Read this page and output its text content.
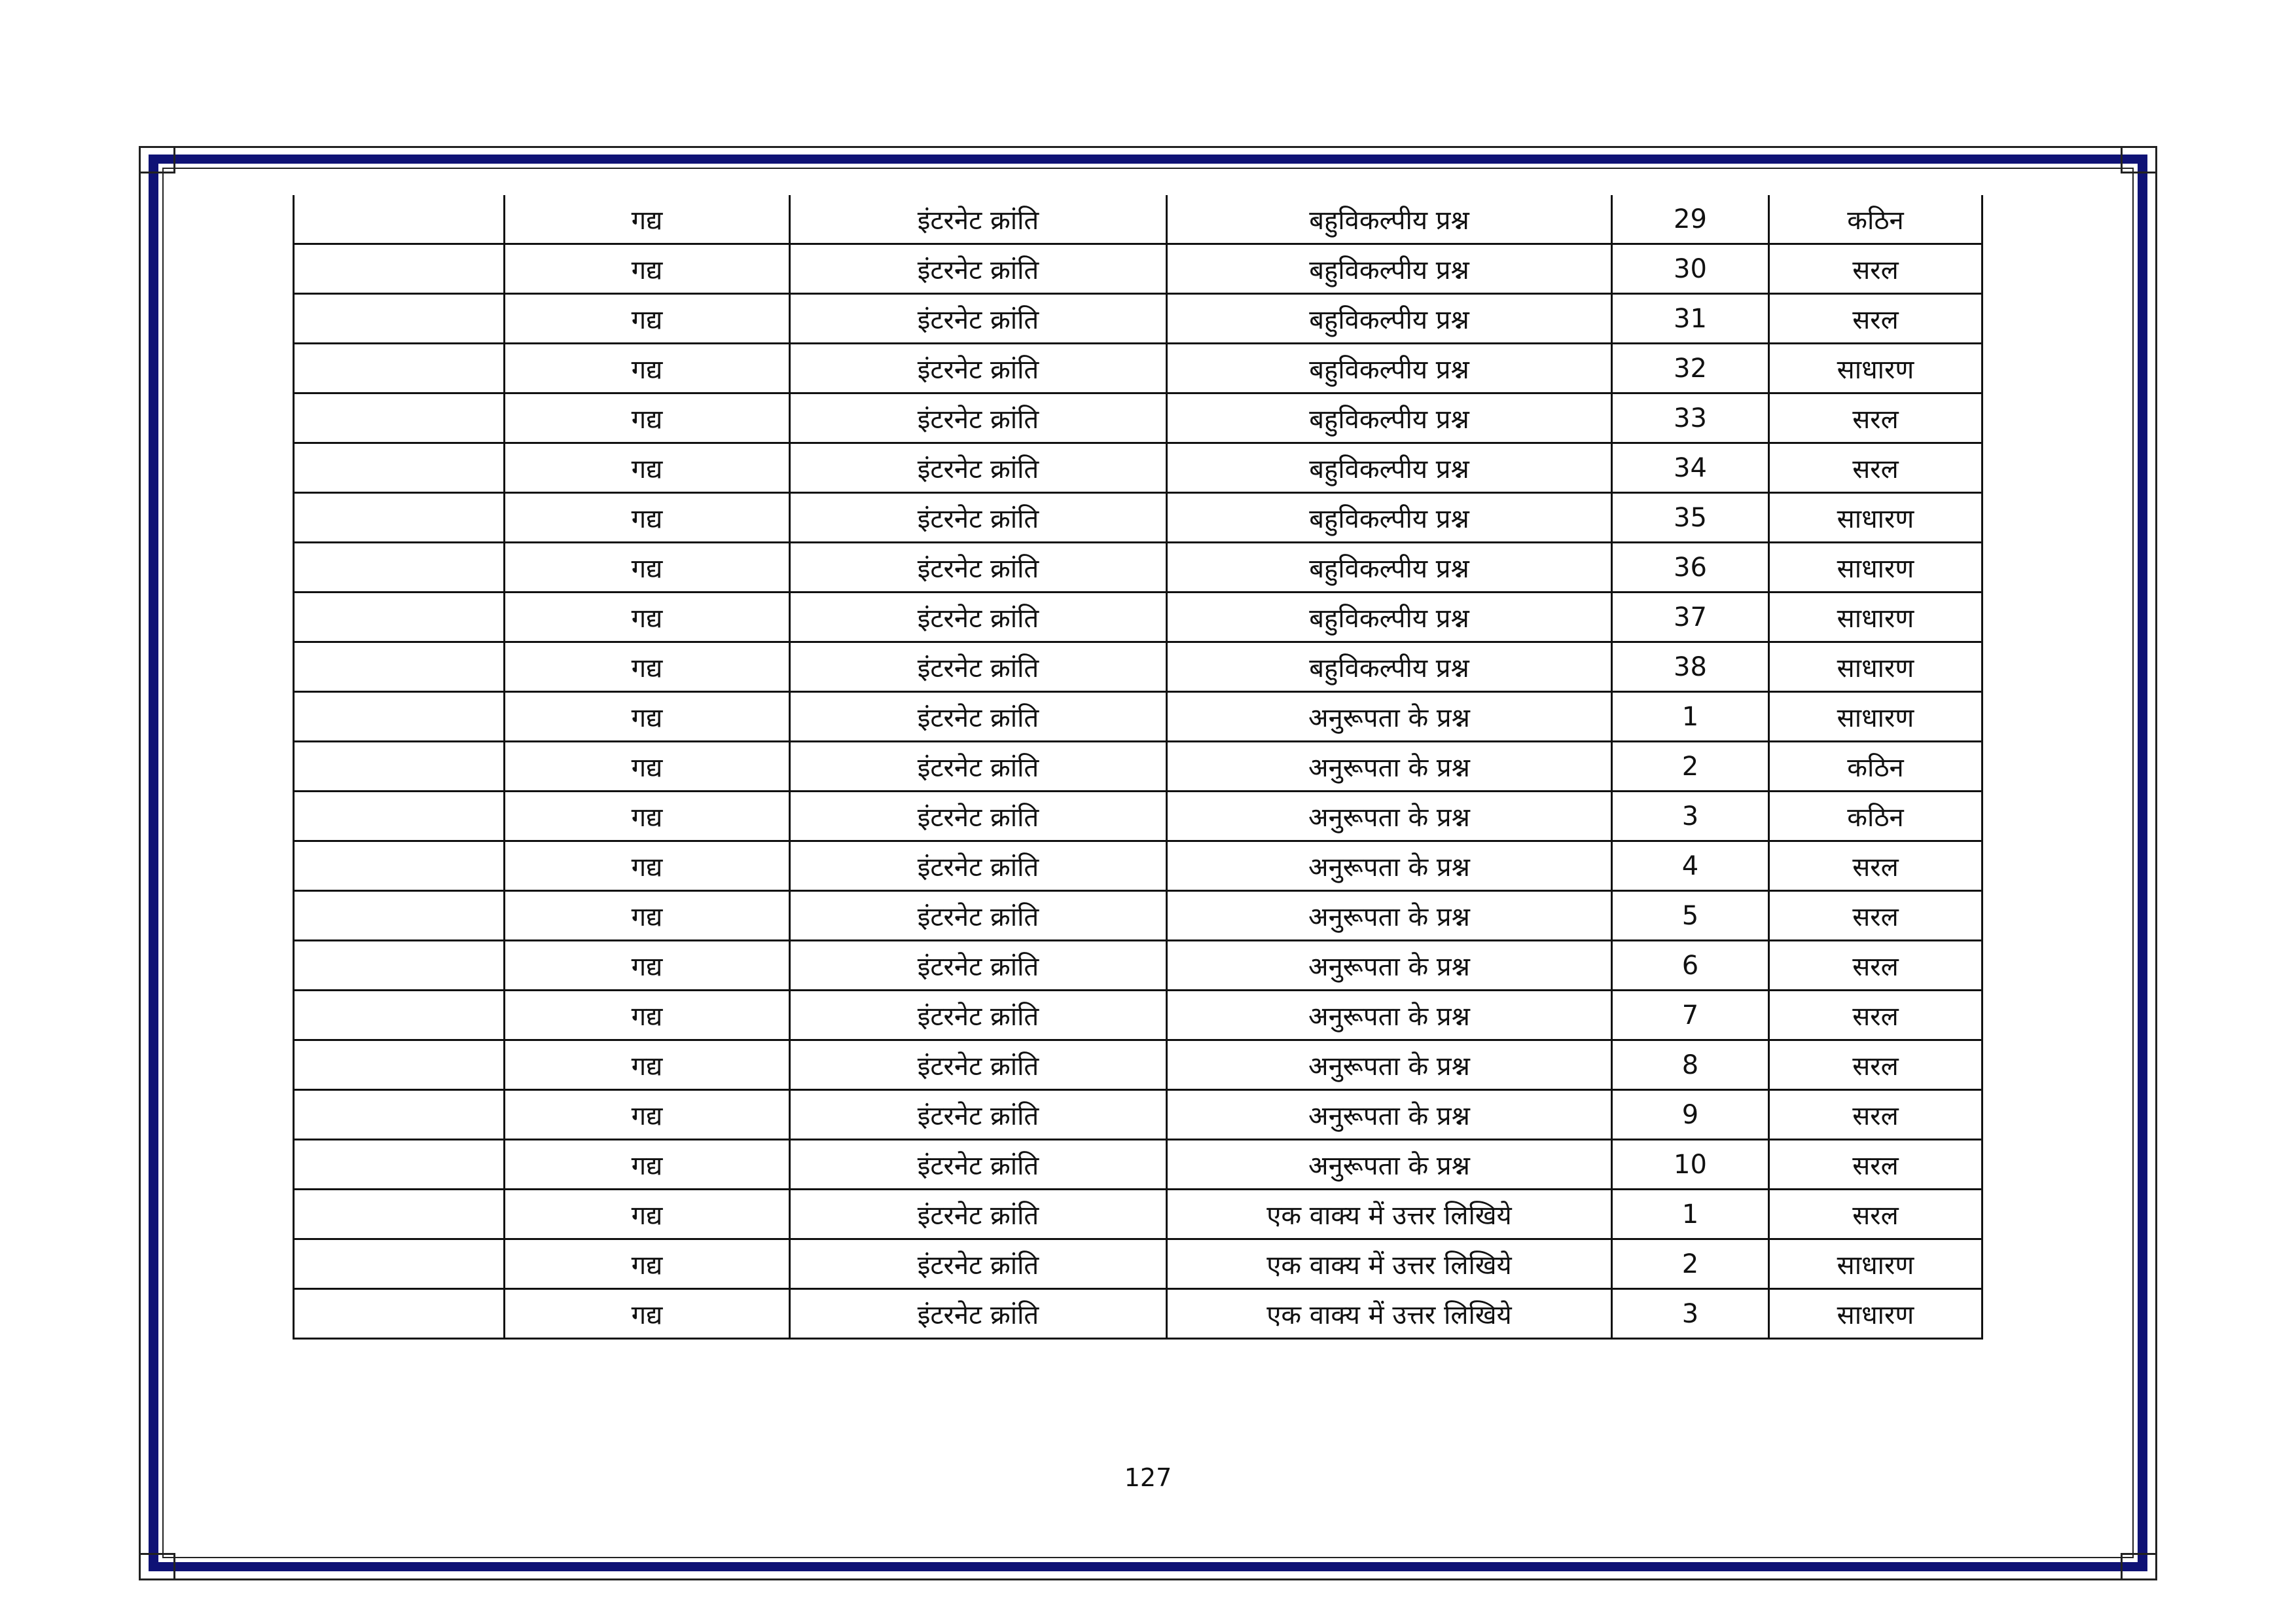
	गद्य	इंटरनेट क्रांति	बहुविकल्पीय प्रश्न	29	कठिन
	गद्य	इंटरनेट क्रांति	बहुविकल्पीय प्रश्न	30	सरल
	गद्य	इंटरनेट क्रांति	बहुविकल्पीय प्रश्न	31	सरल
	गद्य	इंटरनेट क्रांति	बहुविकल्पीय प्रश्न	32	साधारण
	गद्य	इंटरनेट क्रांति	बहुविकल्पीय प्रश्न	33	सरल
	गद्य	इंटरनेट क्रांति	बहुविकल्पीय प्रश्न	34	सरल
	गद्य	इंटरनेट क्रांति	बहुविकल्पीय प्रश्न	35	साधारण
	गद्य	इंटरनेट क्रांति	बहुविकल्पीय प्रश्न	36	साधारण
	गद्य	इंटरनेट क्रांति	बहुविकल्पीय प्रश्न	37	साधारण
	गद्य	इंटरनेट क्रांति	बहुविकल्पीय प्रश्न	38	साधारण
	गद्य	इंटरनेट क्रांति	अनुरूपता के प्रश्न	1	साधारण
	गद्य	इंटरनेट क्रांति	अनुरूपता के प्रश्न	2	कठिन
	गद्य	इंटरनेट क्रांति	अनुरूपता के प्रश्न	3	कठिन
	गद्य	इंटरनेट क्रांति	अनुरूपता के प्रश्न	4	सरल
	गद्य	इंटरनेट क्रांति	अनुरूपता के प्रश्न	5	सरल
	गद्य	इंटरनेट क्रांति	अनुरूपता के प्रश्न	6	सरल
	गद्य	इंटरनेट क्रांति	अनुरूपता के प्रश्न	7	सरल
	गद्य	इंटरनेट क्रांति	अनुरूपता के प्रश्न	8	सरल
	गद्य	इंटरनेट क्रांति	अनुरूपता के प्रश्न	9	सरल
	गद्य	इंटरनेट क्रांति	अनुरूपता के प्रश्न	10	सरल
	गद्य	इंटरनेट क्रांति	एक वाक्य में उत्तर लिखिये	1	सरल
	गद्य	इंटरनेट क्रांति	एक वाक्य में उत्तर लिखिये	2	साधारण
	गद्य	इंटरनेट क्रांति	एक वाक्य में उत्तर लिखिये	3	साधारण
127
